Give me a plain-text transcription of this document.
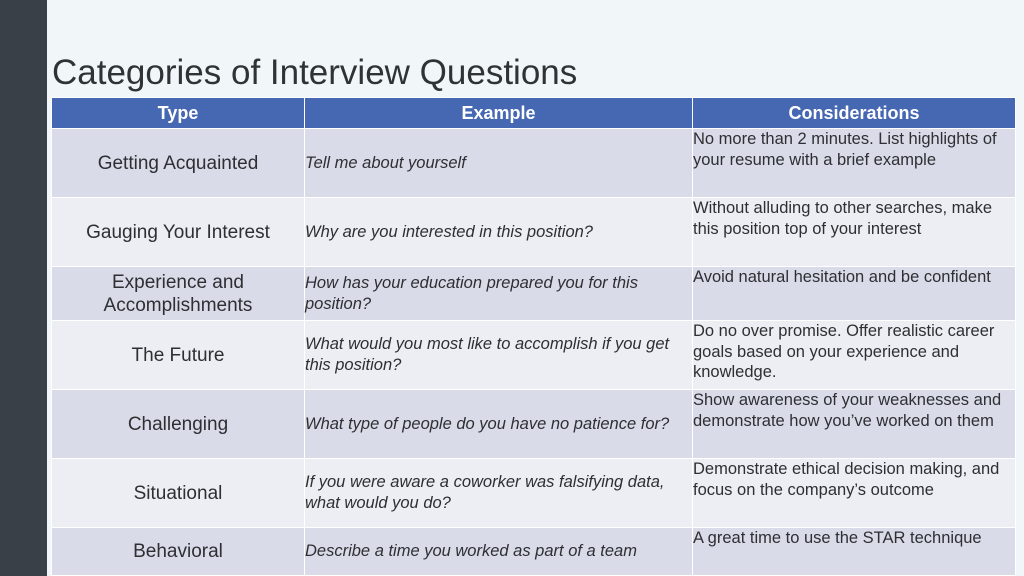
Categories of Interview Questions
Type	Example	Considerations
Getting Acquainted	Tell me about yourself	No more than 2 minutes. List highlights of your resume with a brief example
Gauging Your Interest	Why are you interested in this position?	Without alluding to other searches, make this position top of your interest
Experience and Accomplishments	How has your education prepared you for this position?	Avoid natural hesitation and be confident
The Future	What would you most like to accomplish if you get this position?	Do no over promise. Offer realistic career goals based on your experience and knowledge.
Challenging	What type of people do you have no patience for?	Show awareness of your weaknesses and demonstrate how you’ve worked on them
Situational	If you were aware a coworker was falsifying data, what would you do?	Demonstrate ethical decision making, and focus on the company’s outcome
Behavioral	Describe a time you worked as part of a team	A great time to use the STAR technique
